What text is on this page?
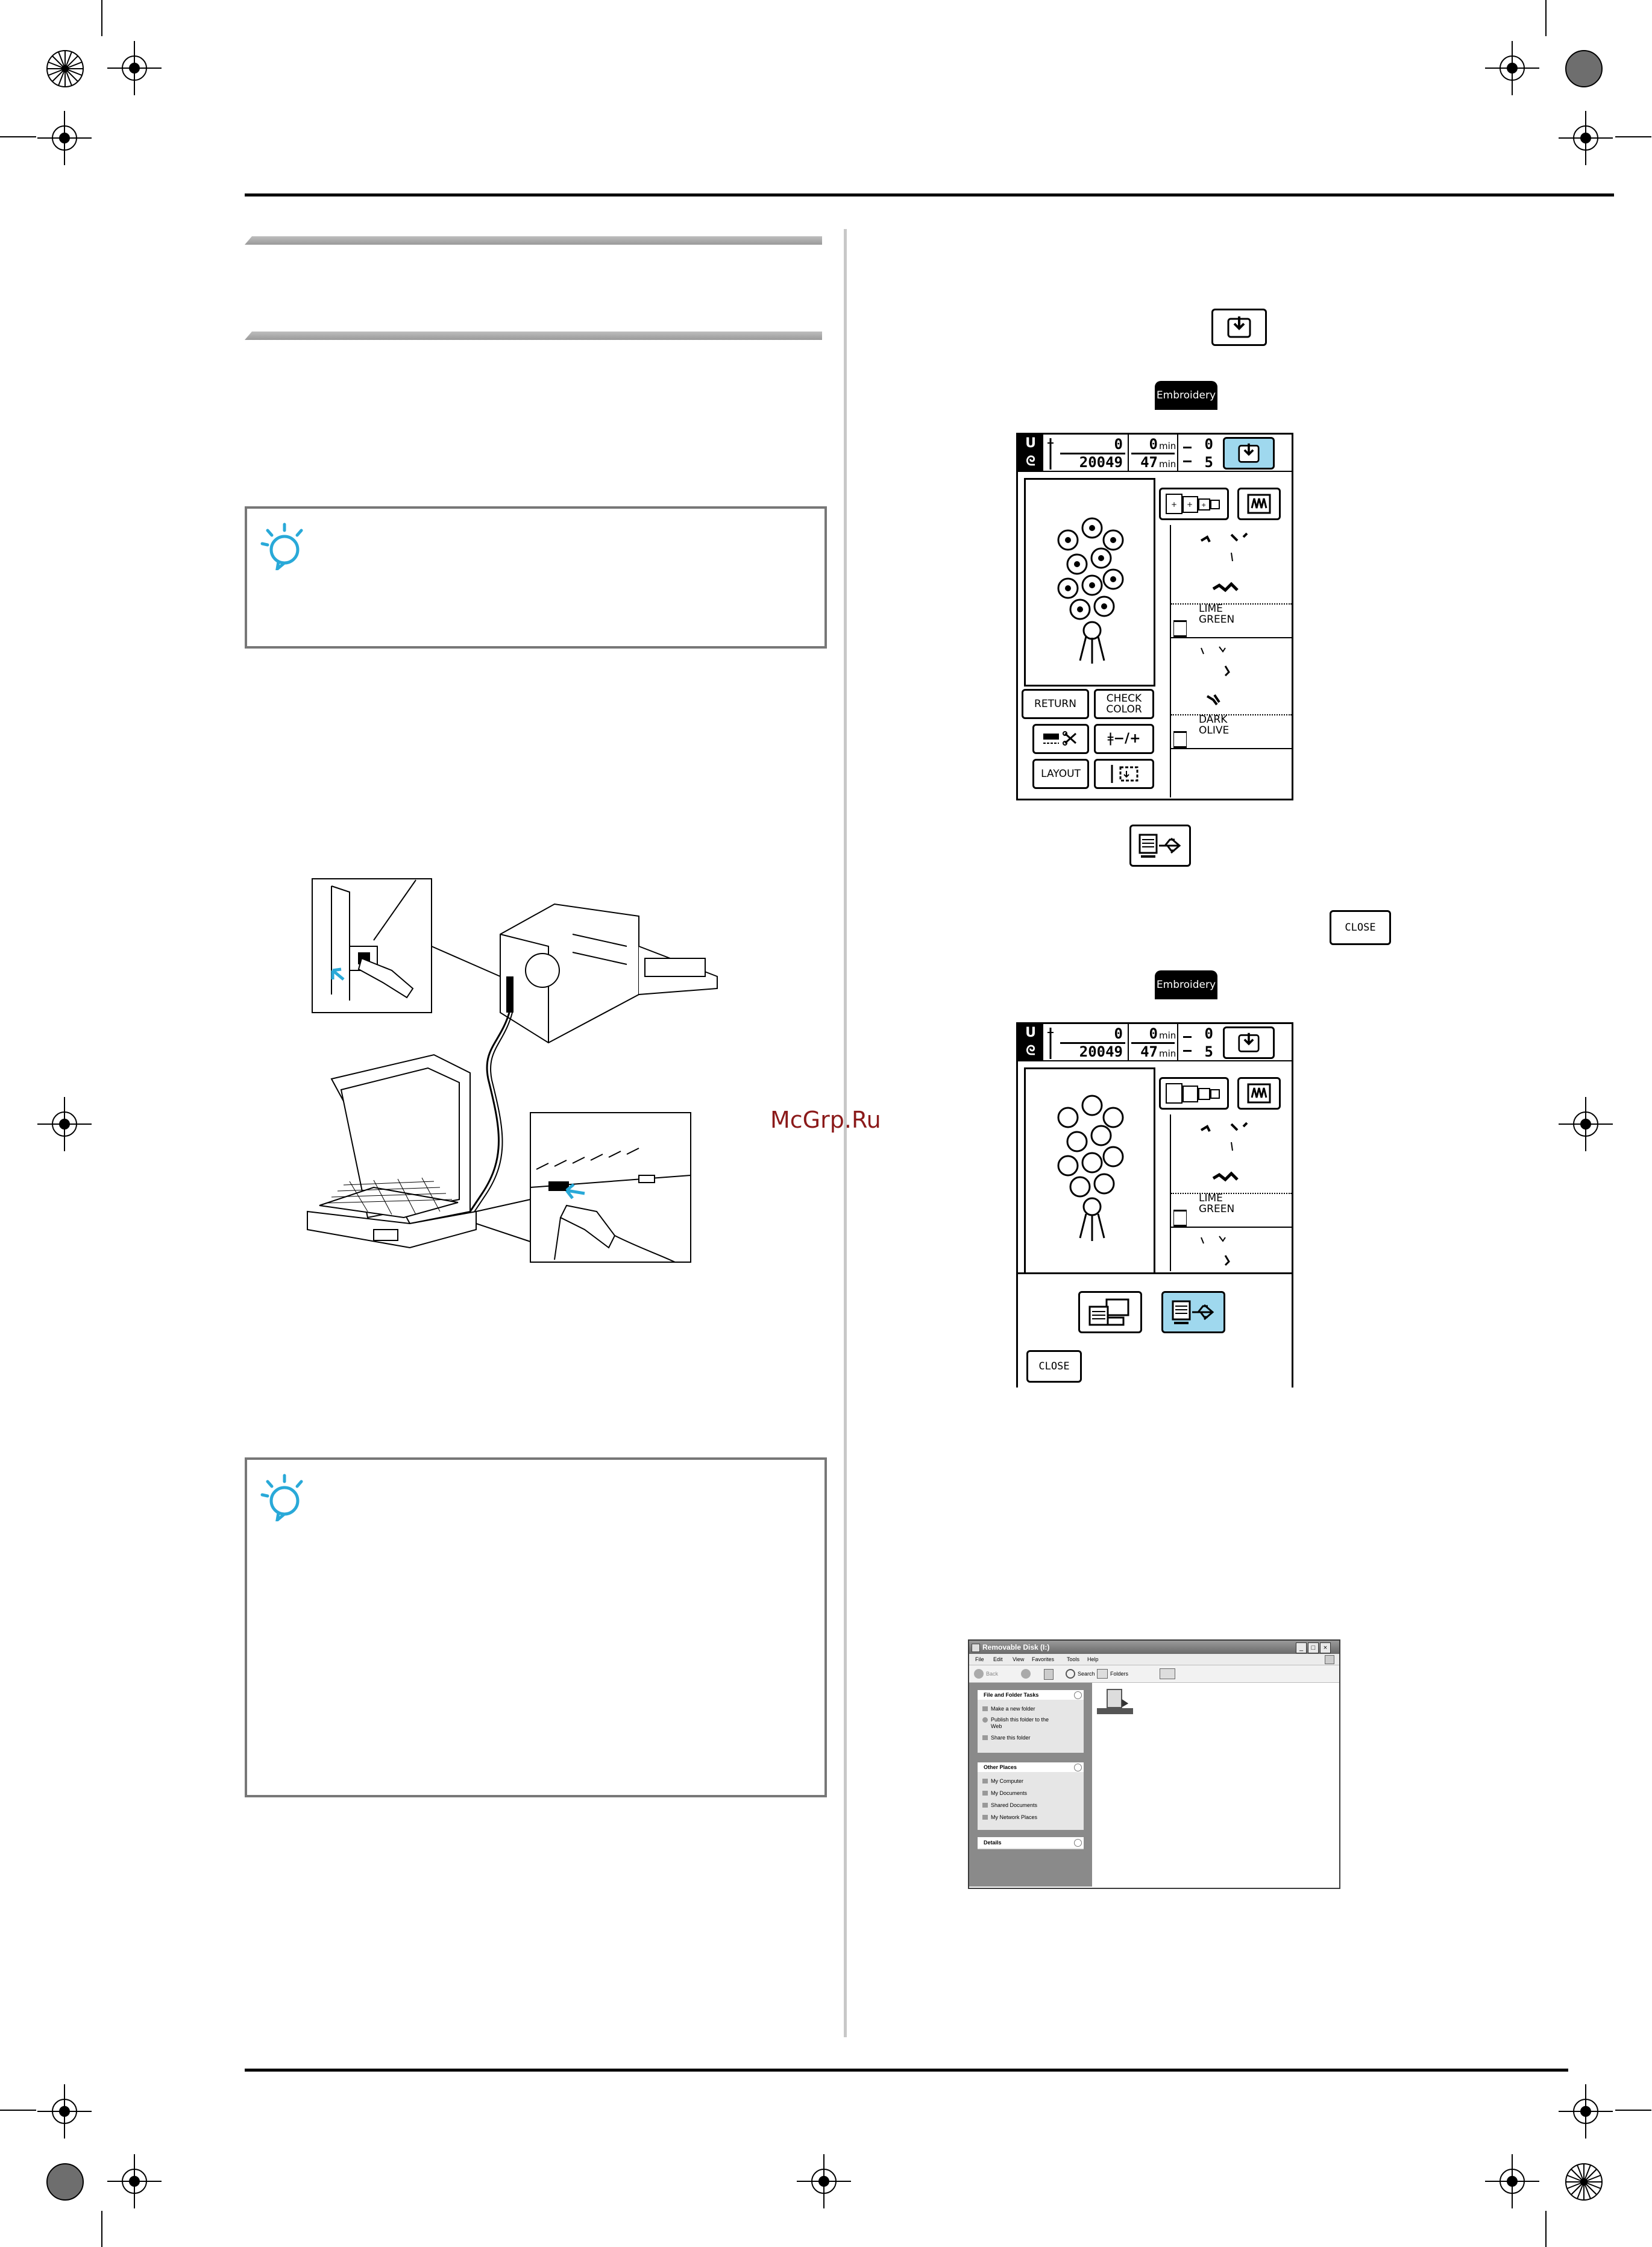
McGrp.Ru
Embroidery
U
ᘓ
0
20049
0 min
47 min
0
5
+ + +
LIME
GREEN
DARK
OLIVE
RETURN	CHECK
COLOR
ǂ −/+
LAYOUT
CLOSE
Embroidery
U
ᘓ
0
20049
0 min
47 min
0
5
LIME
GREEN
CLOSE
Removable Disk (I:)	_	□	×
File Edit View Favorites Tools Help
Back	Search	Folders
File and Folder Tasks
Make a new folder
Publish this folder to the Web
Share this folder
Other Places
My Computer
My Documents
Shared Documents
My Network Places
Details
